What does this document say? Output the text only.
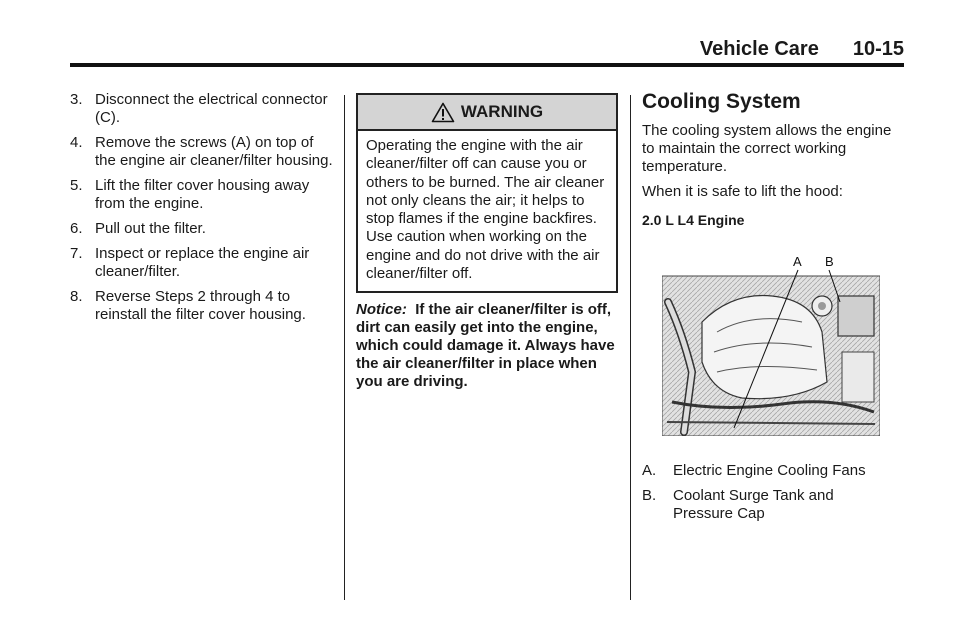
Vehicle Care 10-15
3. Disconnect the electrical connector (C).
4. Remove the screws (A) on top of the engine air cleaner/filter housing.
5. Lift the filter cover housing away from the engine.
6. Pull out the filter.
7. Inspect or replace the engine air cleaner/filter.
8. Reverse Steps 2 through 4 to reinstall the filter cover housing.
WARNING
Operating the engine with the air cleaner/filter off can cause you or others to be burned. The air cleaner not only cleans the air; it helps to stop flames if the engine backfires. Use caution when working on the engine and do not drive with the air cleaner/filter off.
Notice: If the air cleaner/filter is off, dirt can easily get into the engine, which could damage it. Always have the air cleaner/filter in place when you are driving.
Cooling System
The cooling system allows the engine to maintain the correct working temperature.
When it is safe to lift the hood:
2.0 L L4 Engine
A B
A.	Electric Engine Cooling Fans
B.	Coolant Surge Tank and Pressure Cap
